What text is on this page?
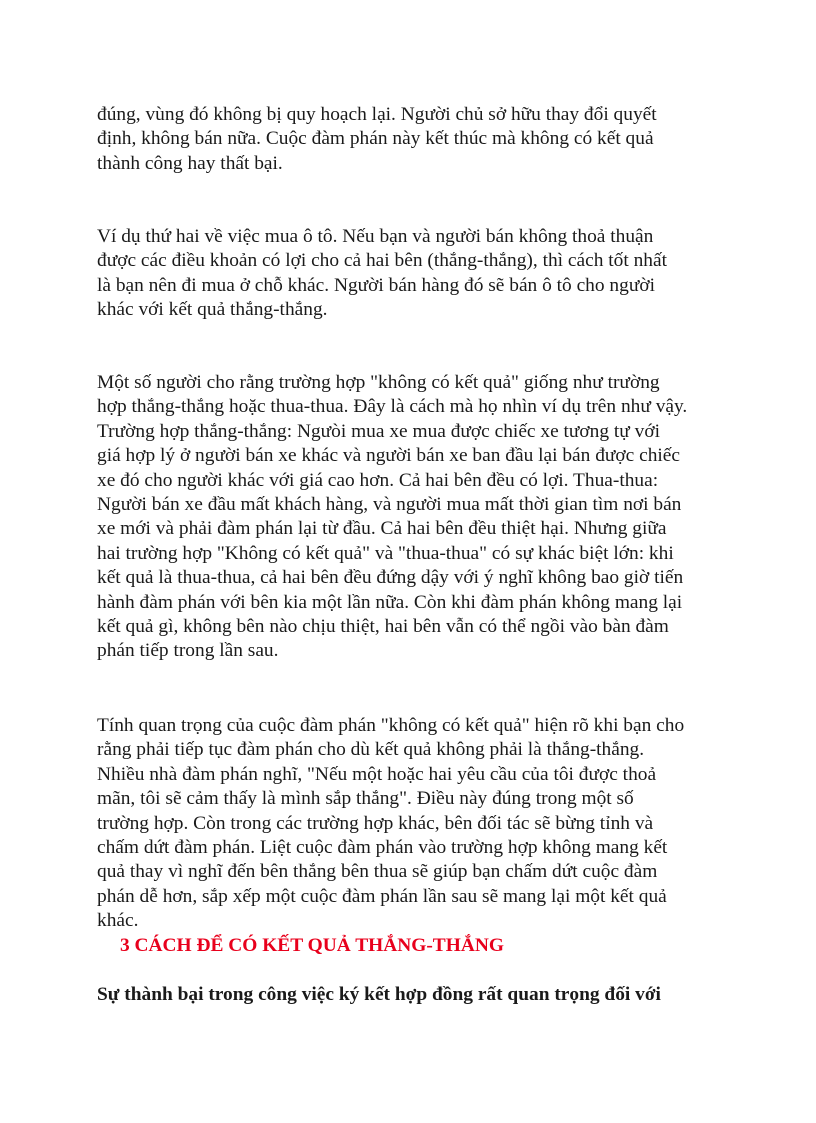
đúng, vùng đó không bị quy hoạch lại. Người chủ sở hữu thay đổi quyết
định, không bán nữa. Cuộc đàm phán này kết thúc mà không có kết quả
thành công hay thất bại.

Ví dụ thứ hai về việc mua ô tô. Nếu bạn và người bán không thoả thuận
được các điều khoản có lợi cho cả hai bên (thắng-thắng), thì cách tốt nhất
là bạn nên đi mua ở chỗ khác. Người bán hàng đó sẽ bán ô tô cho người
khác với kết quả thắng-thắng.

Một số người cho rằng trường hợp "không có kết quả" giống như trường
hợp thắng-thắng hoặc thua-thua. Đây là cách mà họ nhìn ví dụ trên như vậy.
Trường hợp thắng-thắng: Ngưòi mua xe mua được chiếc xe tương tự với
giá hợp lý ở người bán xe khác và người bán xe ban đầu lại bán được chiếc
xe đó cho người khác với giá cao hơn. Cả hai bên đều có lợi. Thua-thua:
Người bán xe đầu mất khách hàng, và người mua mất thời gian tìm nơi bán
xe mới và phải đàm phán lại từ đầu. Cả hai bên đều thiệt hại. Nhưng giữa
hai trường hợp "Không có kết quả" và "thua-thua" có sự khác biệt lớn: khi
kết quả là thua-thua, cả hai bên đều đứng dậy với ý nghĩ không bao giờ tiến
hành đàm phán với bên kia một lần nữa. Còn khi đàm phán không mang lại
kết quả gì, không bên nào chịu thiệt, hai bên vẫn có thể ngồi vào bàn đàm
phán tiếp trong lần sau.

Tính quan trọng của cuộc đàm phán "không có kết quả" hiện rõ khi bạn cho
rằng phải tiếp tục đàm phán cho dù kết quả không phải là thắng-thắng.
Nhiều nhà đàm phán nghĩ, "Nếu một hoặc hai yêu cầu của tôi được thoả
mãn, tôi sẽ cảm thấy là mình sắp thắng". Điều này đúng trong một số
trường hợp. Còn trong các trường hợp khác, bên đối tác sẽ bừng tỉnh và
chấm dứt đàm phán. Liệt cuộc đàm phán vào trường hợp không mang kết
quả thay vì nghĩ đến bên thắng bên thua sẽ giúp bạn chấm dứt cuộc đàm
phán dễ hơn, sắp xếp một cuộc đàm phán lần sau sẽ mang lại một kết quả
khác.

3 CÁCH ĐỂ CÓ KẾT QUẢ THẮNG-THẮNG

Sự thành bại trong công việc ký kết hợp đồng rất quan trọng đối với
